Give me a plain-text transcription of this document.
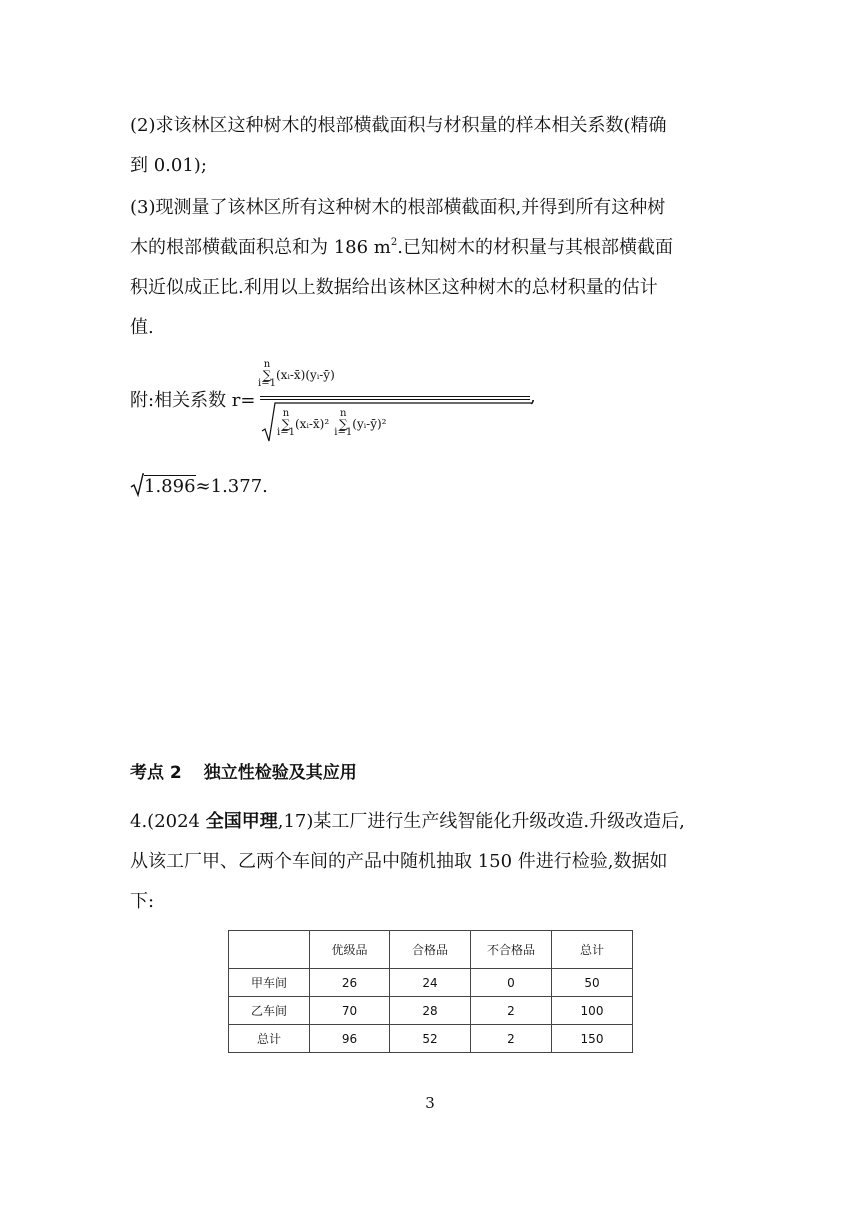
(2)求该林区这种树木的根部横截面积与材积量的样本相关系数(精确
到 0.01);
(3)现测量了该林区所有这种树木的根部横截面积,并得到所有这种树
木的根部横截面积总和为 186 $m^2$.已知树木的材积量与其根部横截面
积近似成正比.利用以上数据给出该林区这种树木的总材积量的估计
值.
附:相关系数 r=
n
∑
i=1
(xᵢ-x̄)(yᵢ-ȳ)
n
∑
i=1
(xᵢ-x̄)²
n
∑
i=1
(yᵢ-ȳ)²
,
1.896≈1.377.
考点 2 独立性检验及其应用
4.(2024 全国甲理,17)某工厂进行生产线智能化升级改造.升级改造后,
从该工厂甲、乙两个车间的产品中随机抽取 150 件进行检验,数据如
下:
	优级品	合格品	不合格品	总计
甲车间	26	24	0	50
乙车间	70	28	2	100
总计	96	52	2	150
3
